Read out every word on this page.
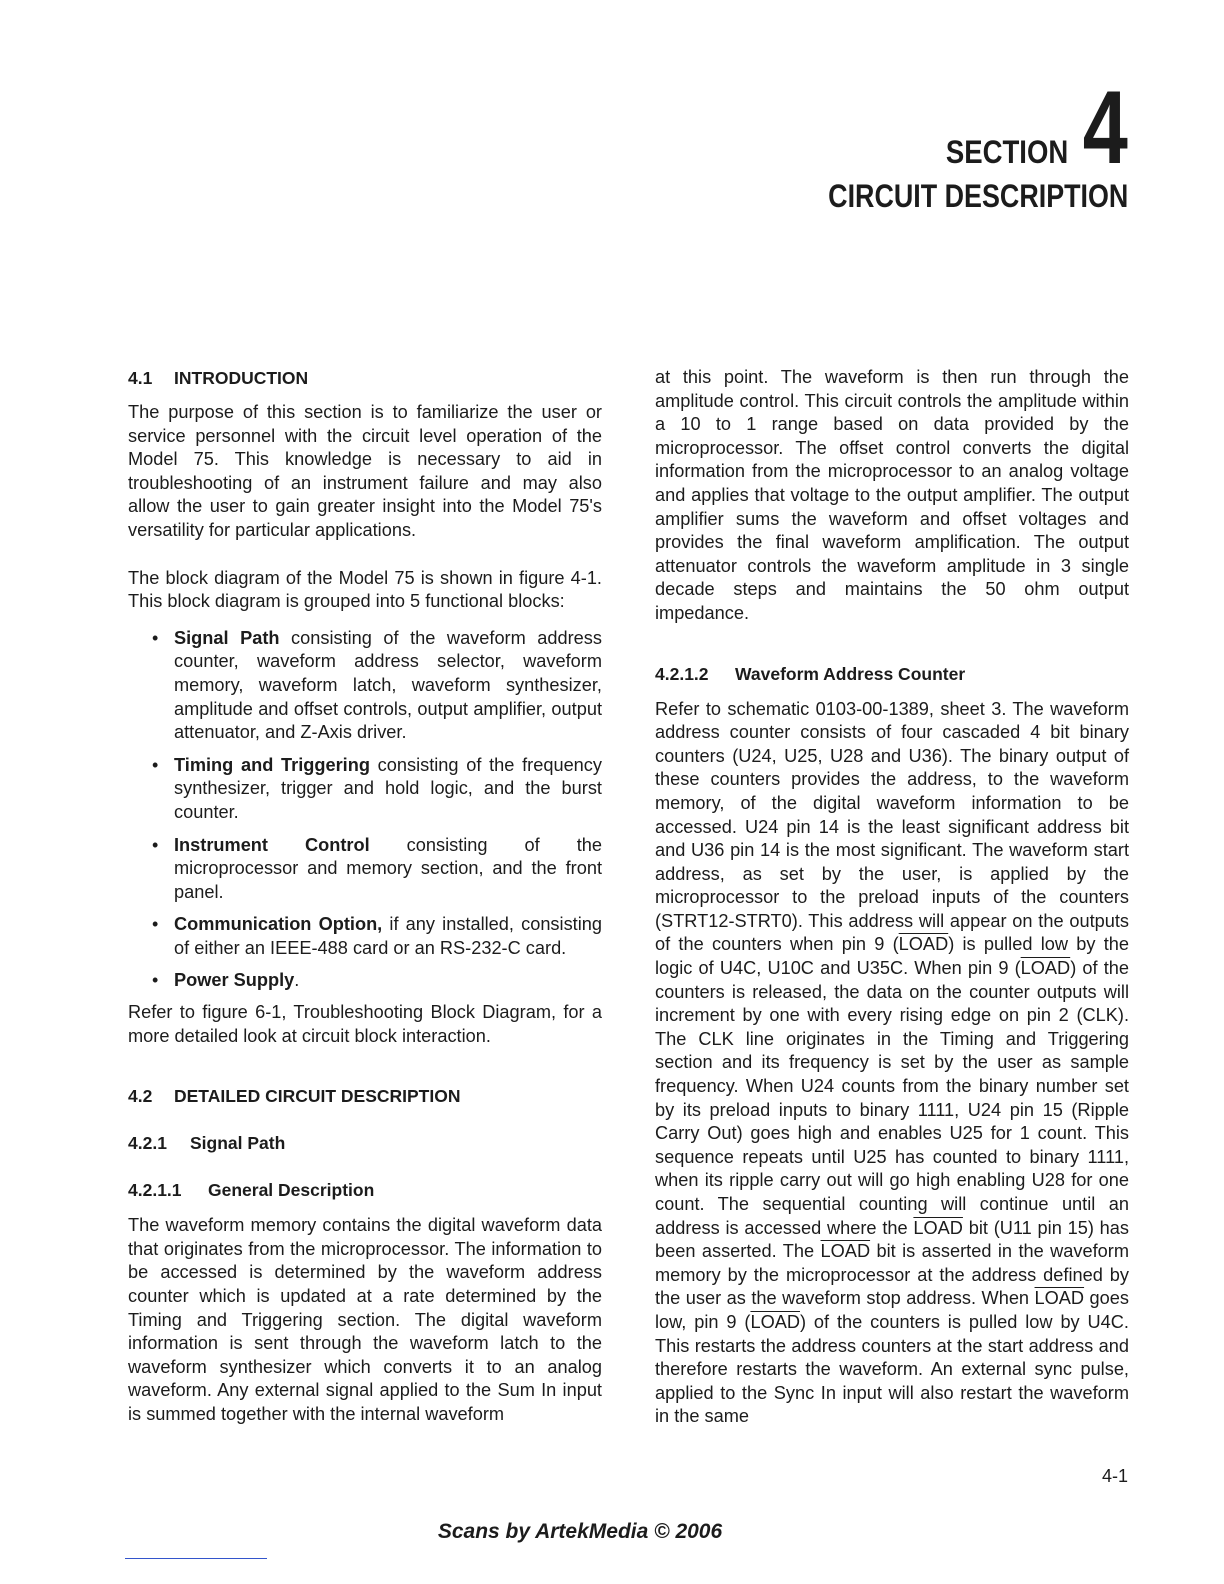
SECTION 4
CIRCUIT DESCRIPTION
4.1 INTRODUCTION

The purpose of this section is to familiarize the user or service personnel with the circuit level operation of the Model 75. This knowledge is necessary to aid in troubleshooting of an instrument failure and may also allow the user to gain greater insight into the Model 75's versatility for particular applications.

The block diagram of the Model 75 is shown in figure 4-1. This block diagram is grouped into 5 functional blocks:

• Signal Path consisting of the waveform address counter, waveform address selector, waveform memory, waveform latch, waveform synthesizer, amplitude and offset controls, output amplifier, output attenuator, and Z-Axis driver.
• Timing and Triggering consisting of the frequency synthesizer, trigger and hold logic, and the burst counter.
• Instrument Control consisting of the microprocessor and memory section, and the front panel.
• Communication Option, if any installed, consisting of either an IEEE-488 card or an RS-232-C card.
• Power Supply.

Refer to figure 6-1, Troubleshooting Block Diagram, for a more detailed look at circuit block interaction.

4.2 DETAILED CIRCUIT DESCRIPTION
4.2.1 Signal Path
4.2.1.1 General Description

The waveform memory contains the digital waveform data that originates from the microprocessor. The information to be accessed is determined by the waveform address counter which is updated at a rate determined by the Timing and Triggering section. The digital waveform information is sent through the waveform latch to the waveform synthesizer which converts it to an analog waveform. Any external signal applied to the Sum In input is summed together with the internal waveform

at this point. The waveform is then run through the amplitude control. This circuit controls the amplitude within a 10 to 1 range based on data provided by the microprocessor. The offset control converts the digital information from the microprocessor to an analog voltage and applies that voltage to the output amplifier. The output amplifier sums the waveform and offset voltages and provides the final waveform amplification. The output attenuator controls the waveform amplitude in 3 single decade steps and maintains the 50 ohm output impedance.

4.2.1.2 Waveform Address Counter

Refer to schematic 0103-00-1389, sheet 3. The waveform address counter consists of four cascaded 4 bit binary counters (U24, U25, U28 and U36). The binary output of these counters provides the address, to the waveform memory, of the digital waveform information to be accessed. U24 pin 14 is the least significant address bit and U36 pin 14 is the most significant. The waveform start address, as set by the user, is applied by the microprocessor to the preload inputs of the counters (STRT12-STRT0). This address will appear on the outputs of the counters when pin 9 (LOAD) is pulled low by the logic of U4C, U10C and U35C. When pin 9 (LOAD) of the counters is released, the data on the counter outputs will increment by one with every rising edge on pin 2 (CLK). The CLK line originates in the Timing and Triggering section and its frequency is set by the user as sample frequency. When U24 counts from the binary number set by its preload inputs to binary 1111, U24 pin 15 (Ripple Carry Out) goes high and enables U25 for 1 count. This sequence repeats until U25 has counted to binary 1111, when its ripple carry out will go high enabling U28 for one count. The sequential counting will continue until an address is accessed where the LOAD bit (U11 pin 15) has been asserted. The LOAD bit is asserted in the waveform memory by the microprocessor at the address defined by the user as the waveform stop address. When LOAD goes low, pin 9 (LOAD) of the counters is pulled low by U4C. This restarts the address counters at the start address and therefore restarts the waveform. An external sync pulse, applied to the Sync In input will also restart the waveform in the same

4-1
Scans by ArtekMedia © 2006
